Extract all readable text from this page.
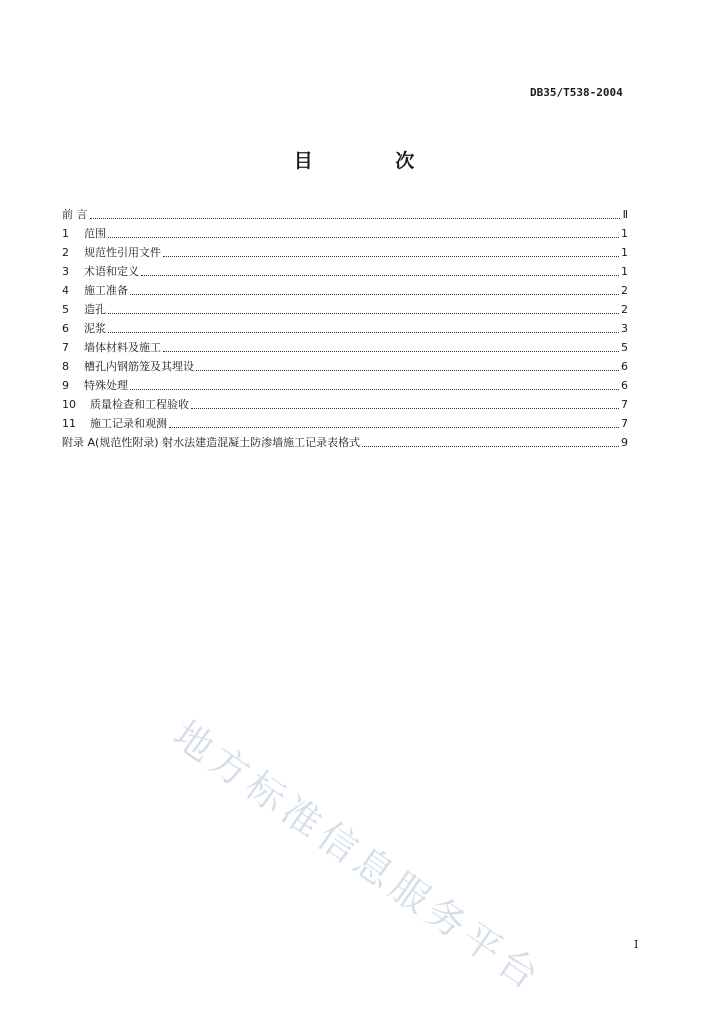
DB35/T538-2004
目 次
前 言	Ⅱ
1	范围	1
2	规范性引用文件	1
3	术语和定义	1
4	施工准备	2
5	造孔	2
6	泥浆	3
7	墙体材料及施工	5
8	槽孔内钢筋笼及其埋设	6
9	特殊处理	6
10	质量检查和工程验收	7
11	施工记录和观测	7
附录 A(规范性附录) 射水法建造混凝土防渗墙施工记录表格式	9
地方标准信息服务平台	I
